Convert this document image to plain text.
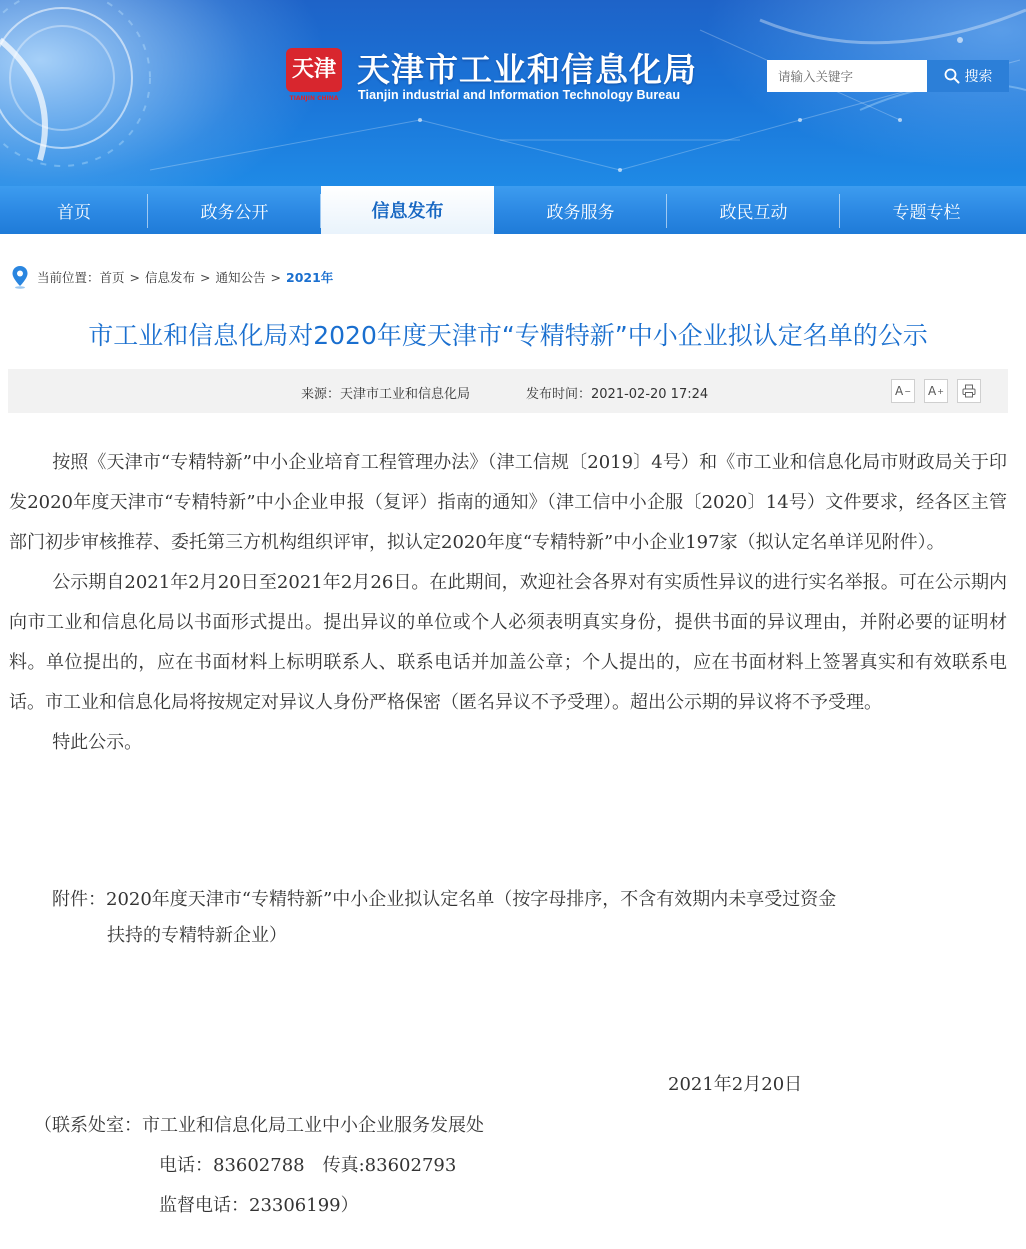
天津
TIANJIN CHINA
天津市工业和信息化局
Tianjin industrial and Information Technology Bureau
请输入关键字
搜索
首页	政务公开	信息发布	政务服务	政民互动	专题专栏
当前位置： 首页 > 信息发布 > 通知公告 > 2021年
市工业和信息化局对2020年度天津市“专精特新”中小企业拟认定名单的公示
来源：天津市工业和信息化局	发布时间：2021-02-20 17:24	A − A +

按照《天津市“专精特新”中小企业培育工程管理办法》（津工信规〔2019〕4号）和《市工业和信息化局市财政局关于印发2020年度天津市“专精特新”中小企业申报（复评）指南的通知》（津工信中小企服〔2020〕14号）文件要求，经各区主管部门初步审核推荐、委托第三方机构组织评审，拟认定2020年度“专精特新”中小企业197家（拟认定名单详见附件）。

公示期自2021年2月20日至2021年2月26日。在此期间，欢迎社会各界对有实质性异议的进行实名举报。可在公示期内向市工业和信息化局以书面形式提出。提出异议的单位或个人必须表明真实身份，提供书面的异议理由，并附必要的证明材料。单位提出的，应在书面材料上标明联系人、联系电话并加盖公章；个人提出的，应在书面材料上签署真实和有效联系电话。市工业和信息化局将按规定对异议人身份严格保密（匿名异议不予受理）。超出公示期的异议将不予受理。

特此公示。

附件：2020年度天津市“专精特新”中小企业拟认定名单（按字母排序，不含有效期内未享受过资金
扶持的专精特新企业）
2021年2月20日
（联系处室：市工业和信息化局工业中小企业服务发展处
电话：83602788　传真:83602793
监督电话：23306199）
